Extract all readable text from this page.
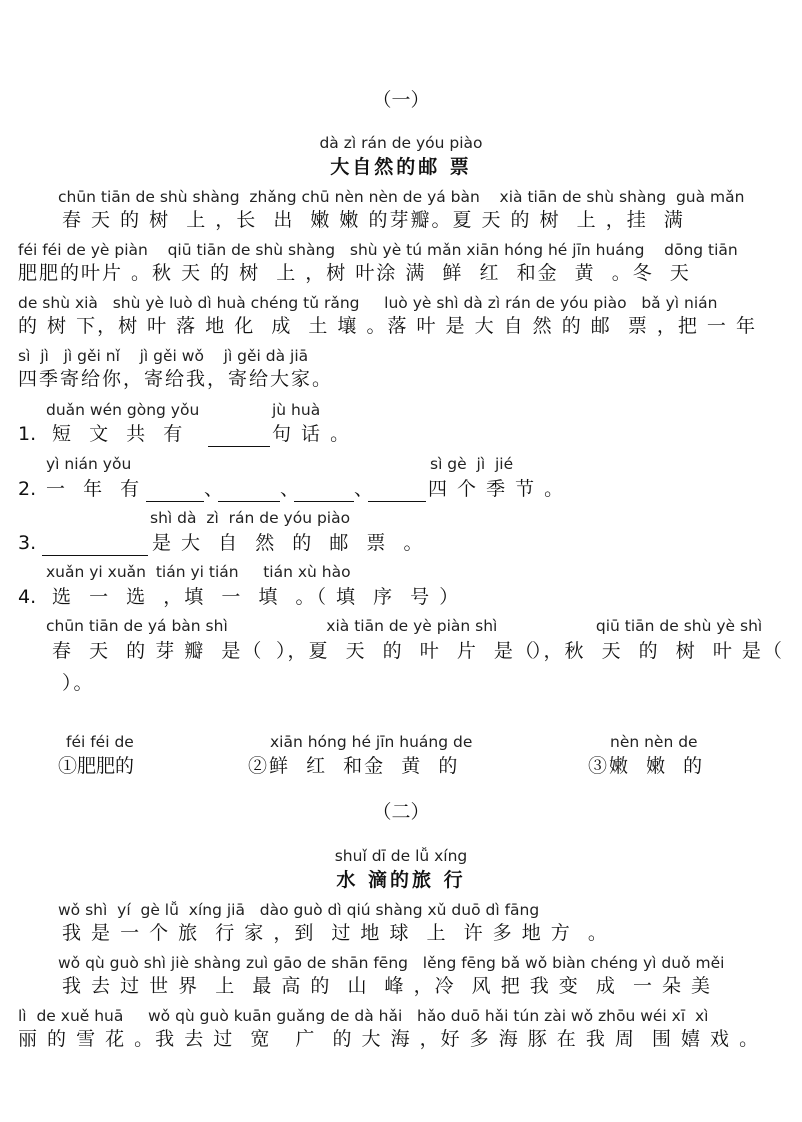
（一）
dà zì rán de yóu piào
大自然的邮 票
chūn tiān de shù shàng  zhǎng chū nèn nèn de yá bàn    xià tiān de shù shàng  guà mǎn
春 天 的 树  上 ，长  出  嫩 嫩 的芽瓣。夏 天 的 树  上 ，挂  满
féi féi de yè piàn    qiū tiān de shù shàng   shù yè tú mǎn xiān hóng hé jīn huáng    dōng tiān
肥肥的叶片 。秋 天 的 树  上 ，树 叶涂 满  鲜  红  和金  黄  。冬  天
de shù xià   shù yè luò dì huà chéng tǔ rǎng     luò yè shì dà zì rán de yóu piào   bǎ yì nián
的 树 下，树 叶 落 地 化  成  土 壤 。落 叶 是 大 自 然 的 邮  票 ，把 一 年
sì  jì   jì gěi nǐ    jì gěi wǒ    jì gěi dà jiā
四季寄给你，寄给我，寄给大家。
duǎn wén gòng yǒu	jù huà
1. 短  文  共  有	句 话 。
yì nián yǒu	sì gè  jì  jié
2. 一  年  有	、	、	、	四 个 季 节 。
shì dà  zì  rán de yóu piào
3.	是 大  自  然  的  邮  票  。
xuǎn yi xuǎn  tián yi tián     tián xù hào
4. 选  一  选  ，填  一  填  。（ 填  序  号 ）
chūn tiān de yá bàn shì                    xià tiān de yè piàn shì                    qiū tiān de shù yè shì
春  天  的 芽 瓣  是（ ），夏  天  的  叶  片  是（
），秋  天  的  树  叶 是（
）。
féi féi de
①肥肥的
xiān hóng hé jīn huáng de
②鲜  红  和金  黄  的
nèn nèn de
③嫩  嫩  的
（二）
shuǐ dī de lǚ xíng
水 滴的旅 行
wǒ shì  yí  gè lǚ  xíng jiā   dào guò dì qiú shàng xǔ duō dì fāng
我 是 一 个 旅  行 家 ，到  过 地 球  上  许 多 地 方  。
wǒ qù guò shì jiè shàng zuì gāo de shān fēng   lěng fēng bǎ wǒ biàn chéng yì duǒ měi
我 去 过 世 界  上  最 高 的  山  峰 ，冷  风 把 我 变  成  一 朵 美
lì  de xuě huā     wǒ qù guò kuān guǎng de dà hǎi   hǎo duō hǎi tún zài wǒ zhōu wéi xī  xì
丽 的 雪 花 。我 去 过  宽   广  的 大 海 ，好 多 海 豚 在 我 周  围 嬉 戏 。
